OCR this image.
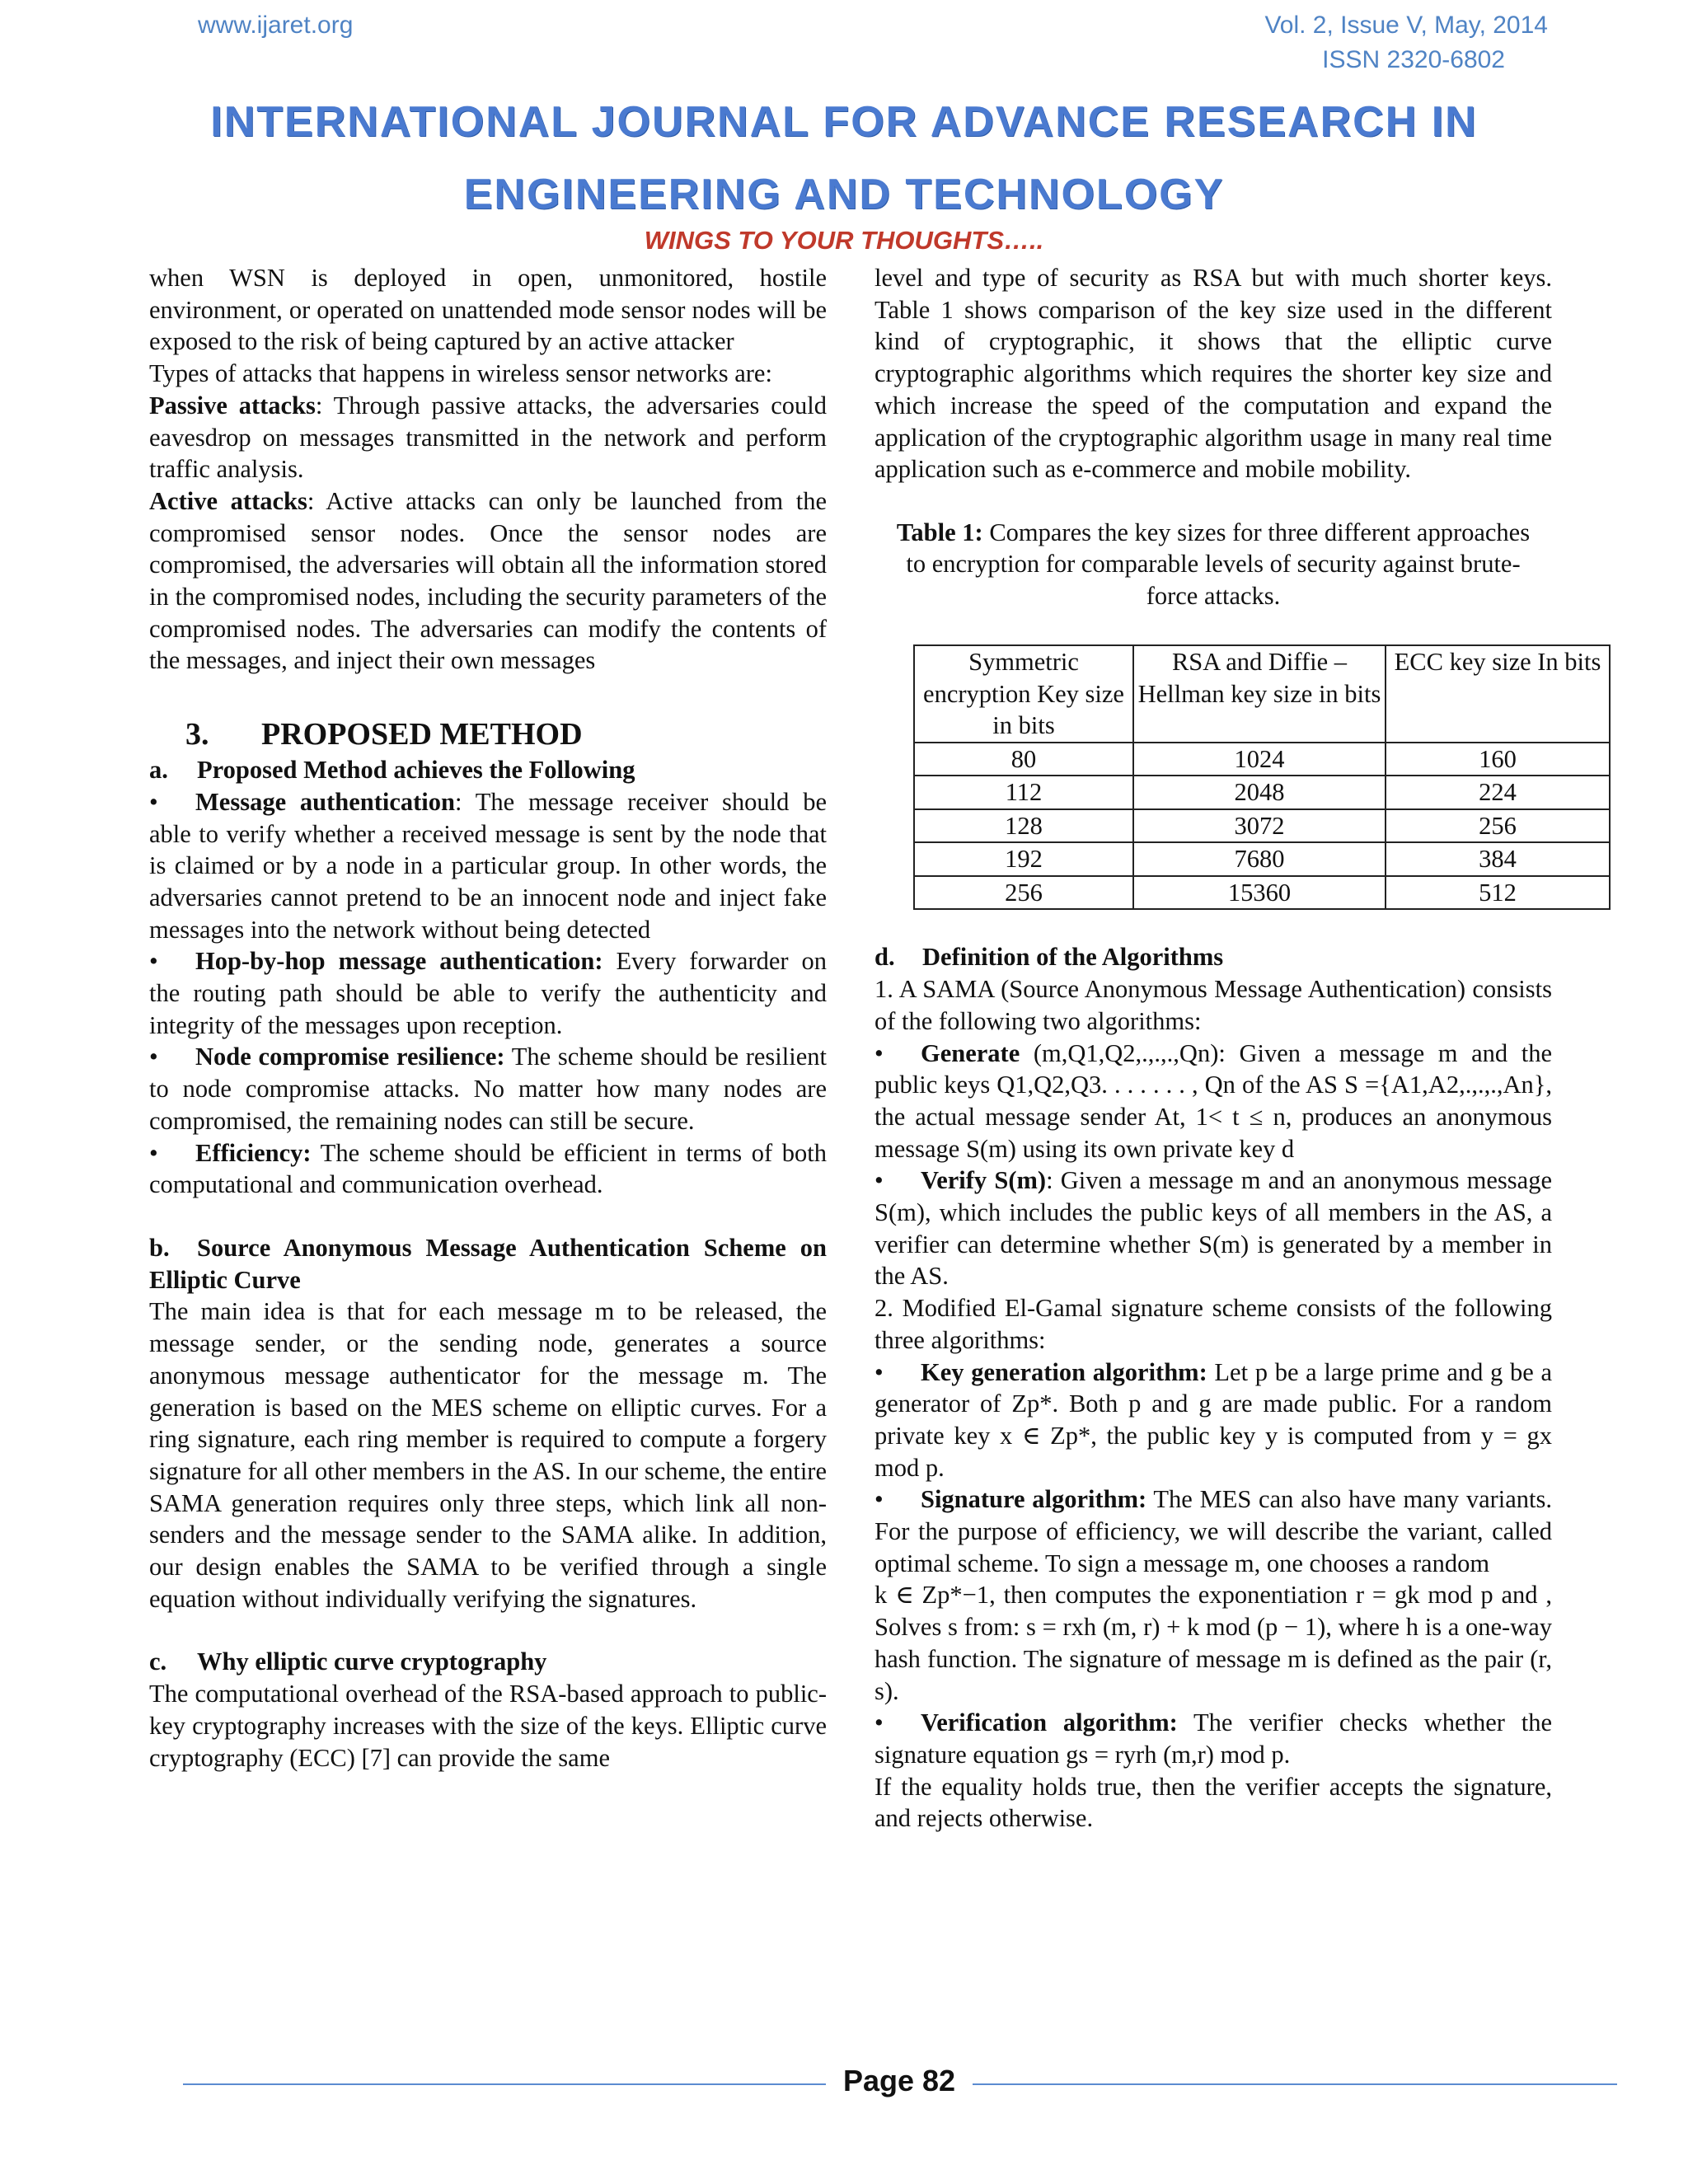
www.ijaret.org	Vol. 2, Issue V, May, 2014
ISSN 2320-6802
INTERNATIONAL JOURNAL FOR ADVANCE RESEARCH IN
ENGINEERING AND TECHNOLOGY
WINGS TO YOUR THOUGHTS…..

when WSN is deployed in open, unmonitored, hostile environment, or operated on unattended mode sensor nodes will be exposed to the risk of being captured by an active attacker

Types of attacks that happens in wireless sensor networks are:

Passive attacks: Through passive attacks, the adversaries could eavesdrop on messages transmitted in the network and perform traffic analysis.

Active attacks: Active attacks can only be launched from the compromised sensor nodes. Once the sensor nodes are compromised, the adversaries will obtain all the information stored in the compromised nodes, including the security parameters of the compromised nodes. The adversaries can modify the contents of the messages, and inject their own messages

3. PROPOSED METHOD

a. Proposed Method achieves the Following

• Message authentication: The message receiver should be able to verify whether a received message is sent by the node that is claimed or by a node in a particular group. In other words, the adversaries cannot pretend to be an innocent node and inject fake messages into the network without being detected

• Hop-by-hop message authentication: Every forwarder on the routing path should be able to verify the authenticity and integrity of the messages upon reception.

• Node compromise resilience: The scheme should be resilient to node compromise attacks. No matter how many nodes are compromised, the remaining nodes can still be secure.

• Efficiency: The scheme should be efficient in terms of both computational and communication overhead.

b. Source Anonymous Message Authentication Scheme on Elliptic Curve

The main idea is that for each message m to be released, the message sender, or the sending node, generates a source anonymous message authenticator for the message m. The generation is based on the MES scheme on elliptic curves. For a ring signature, each ring member is required to compute a forgery signature for all other members in the AS. In our scheme, the entire SAMA generation requires only three steps, which link all non-senders and the message sender to the SAMA alike. In addition, our design enables the SAMA to be verified through a single equation without individually verifying the signatures.

c. Why elliptic curve cryptography

The computational overhead of the RSA-based approach to public-key cryptography increases with the size of the keys. Elliptic curve cryptography (ECC) [7] can provide the same

level and type of security as RSA but with much shorter keys. Table 1 shows comparison of the key size used in the different kind of cryptographic, it shows that the elliptic curve cryptographic algorithms which requires the shorter key size and which increase the speed of the computation and expand the application of the cryptographic algorithm usage in many real time application such as e-commerce and mobile mobility.

Table 1: Compares the key sizes for three different approaches to encryption for comparable levels of security against brute-force attacks.

Symmetric encryption Key size in bits	RSA and Diffie – Hellman key size in bits	ECC key size In bits
80	1024	160
112	2048	224
128	3072	256
192	7680	384
256	15360	512

d. Definition of the Algorithms

1. A SAMA (Source Anonymous Message Authentication) consists of the following two algorithms:

• Generate (m,Q1,Q2,.,.,.,Qn): Given a message m and the public keys Q1,Q2,Q3. . . . . . . , Qn of the AS S ={A1,A2,.,.,.,An}, the actual message sender At, 1< t ≤ n, produces an anonymous message S(m) using its own private key d

• Verify S(m): Given a message m and an anonymous message S(m), which includes the public keys of all members in the AS, a verifier can determine whether S(m) is generated by a member in the AS.

2. Modified El-Gamal signature scheme consists of the following three algorithms:

• Key generation algorithm: Let p be a large prime and g be a generator of Zp*. Both p and g are made public. For a random private key x ∈ Zp*, the public key y is computed from y = gx mod p.

• Signature algorithm: The MES can also have many variants. For the purpose of efficiency, we will describe the variant, called optimal scheme. To sign a message m, one chooses a random

k ∈ Zp*−1, then computes the exponentiation r = gk mod p and , Solves s from: s = rxh (m, r) + k mod (p − 1), where h is a one-way hash function. The signature of message m is defined as the pair (r, s).

• Verification algorithm: The verifier checks whether the signature equation gs = ryrh (m,r) mod p.

If the equality holds true, then the verifier accepts the signature, and rejects otherwise.

Page 82
